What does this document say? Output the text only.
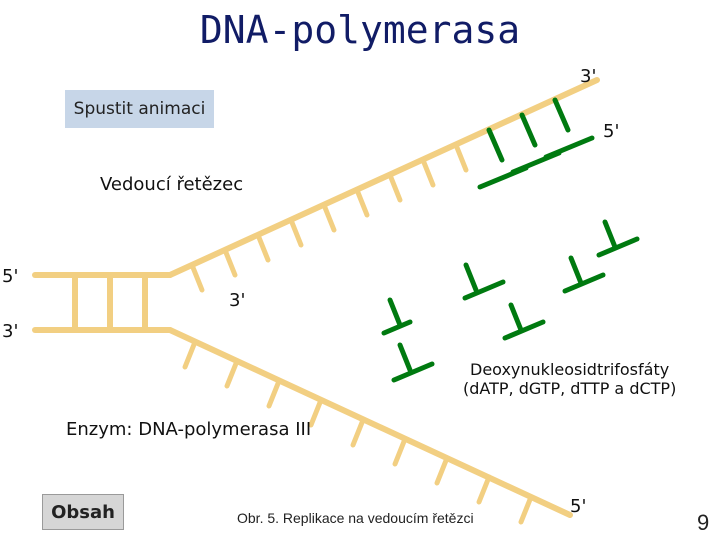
DNA-polymerasa
Spustit animaci
3'
5'
Vedoucí řetězec
5'
3'
3'
5'
Deoxynukleosidtrifosfáty
(dATP, dGTP, dTTP a dCTP)
Enzym: DNA-polymerasa III
Obsah	Obr. 5. Replikace na vedoucím řetězci	9
